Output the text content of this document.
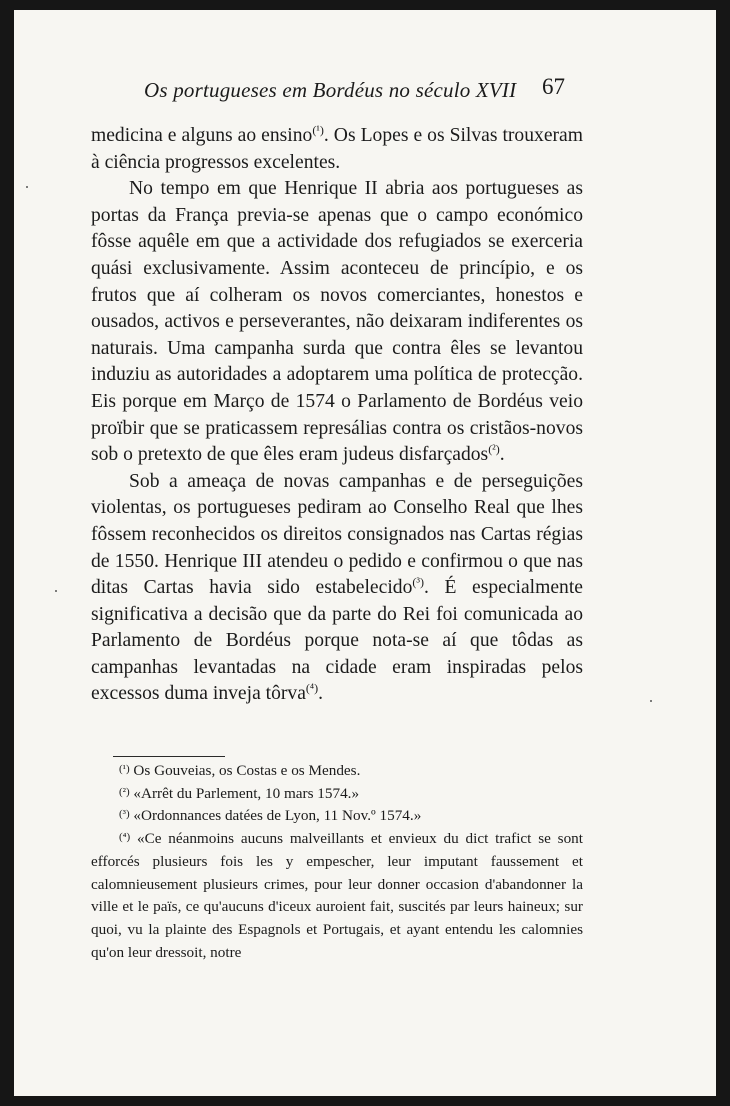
Os portugueses em Bordéus no século XVII	67

medicina e alguns ao ensino$^{(^1)}$. Os Lopes e os Silvas trouxeram à ciência progressos excelentes.

No tempo em que Henrique II abria aos portugueses as portas da França previa-se apenas que o campo económico fôsse aquêle em que a actividade dos refugiados se exerceria quási exclusivamente. Assim aconteceu de princípio, e os frutos que aí colheram os novos comerciantes, honestos e ousados, activos e perseverantes, não deixaram indiferentes os naturais. Uma campanha surda que contra êles se levantou induziu as autoridades a adoptarem uma política de protecção. Eis porque em Março de 1574 o Parlamento de Bordéus veio proïbir que se praticassem represálias contra os cristãos-novos sob o pretexto de que êles eram judeus disfarçados$^{(^2)}$.

Sob a ameaça de novas campanhas e de perseguições violentas, os portugueses pediram ao Conselho Real que lhes fôssem reconhecidos os direitos consignados nas Cartas régias de 1550. Henrique III atendeu o pedido e confirmou o que nas ditas Cartas havia sido estabelecido$^{(^3)}$. É especialmente significativa a decisão que da parte do Rei foi comunicada ao Parlamento de Bordéus porque nota-se aí que tôdas as campanhas levantadas na cidade eram inspiradas pelos excessos duma inveja tôrva$^{(^4)}$.

(¹) Os Gouveias, os Costas e os Mendes.

(²) «Arrêt du Parlement, 10 mars 1574.»

(³) «Ordonnances datées de Lyon, 11 Nov.º 1574.»

(⁴) «Ce néanmoins aucuns malveillants et envieux du dict trafict se sont efforcés plusieurs fois les y empescher, leur imputant faussement et calomnieusement plusieurs crimes, pour leur donner occasion d'abandonner la ville et le païs, ce qu'aucuns d'iceux auroient fait, suscités par leurs haineux; sur quoi, vu la plainte des Espagnols et Portugais, et ayant entendu les calomnies qu'on leur dressoit, notre
